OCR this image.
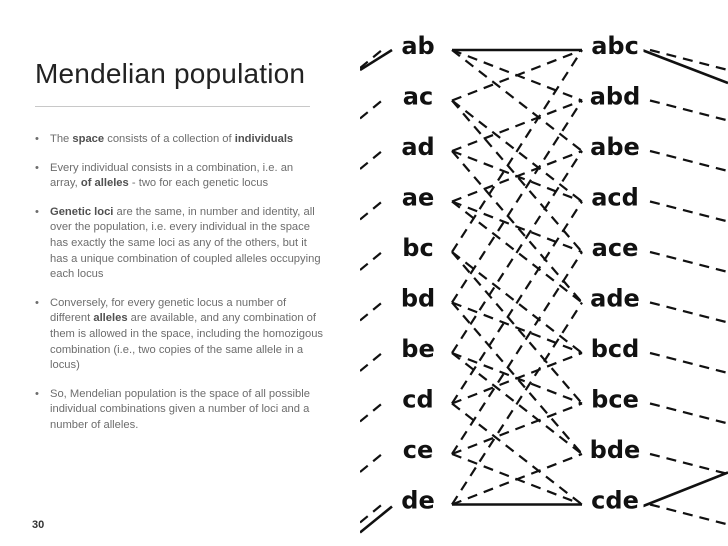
Mendelian population
• The space consists of a collection of individuals
• Every individual consists in a combination, i.e. an array, of alleles - two for each genetic locus
• Genetic loci are the same, in number and identity, all over the population, i.e. every individual in the space has exactly the same loci as any of the others, but it has a unique combination of coupled alleles occupying each locus
• Conversely, for every genetic locus a number of different alleles are available, and any combination of them is allowed in the space, including the homozigous combination (i.e., two copies of the same allele in a locus)
• So, Mendelian population is the space of all possible individual combinations given a number of loci and a number of alleles.
30
ab
ac
ad
ae
bc
bd
be
cd
ce
de
abc
abd
abe
acd
ace
ade
bcd
bce
bde
cde
